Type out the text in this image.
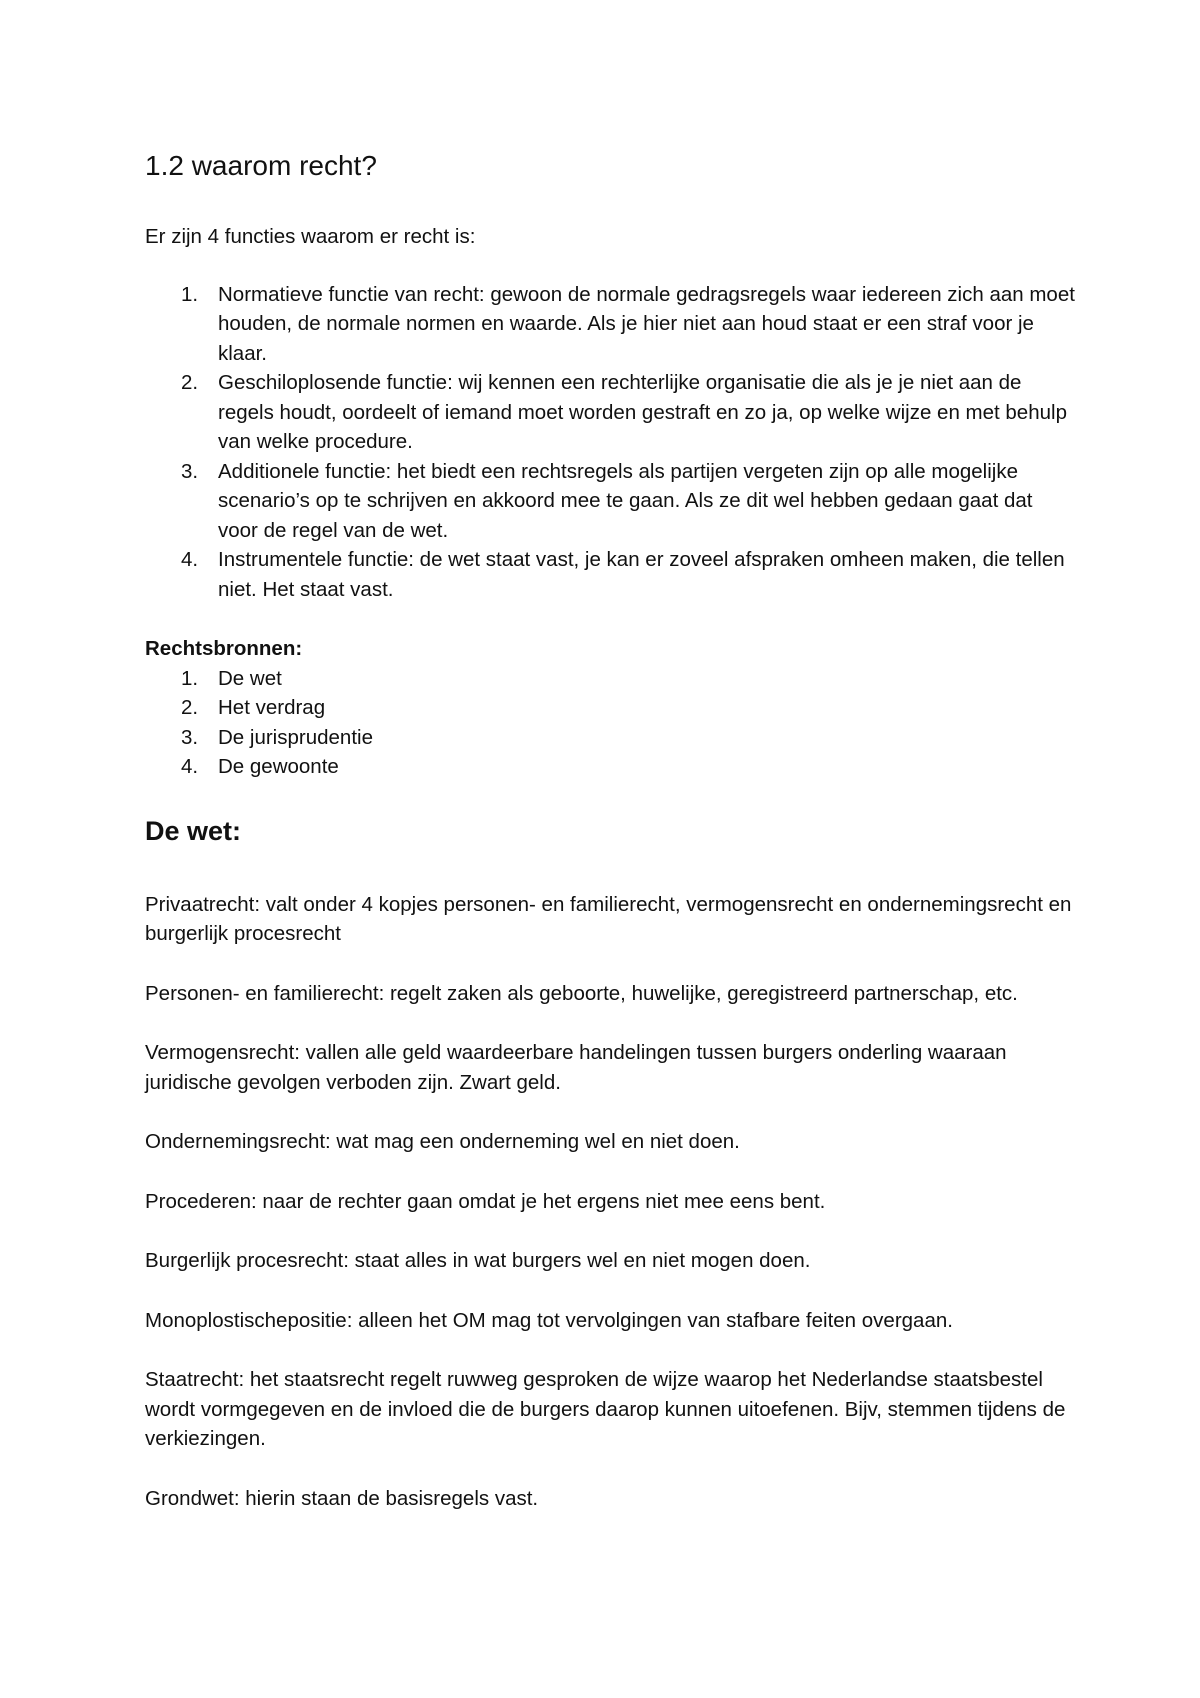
1.2 waarom recht?

Er zijn 4 functies waarom er recht is:

1. Normatieve functie van recht: gewoon de normale gedragsregels waar iedereen zich aan moet houden, de normale normen en waarde. Als je hier niet aan houd staat er een straf voor je klaar.
2. Geschiloplosende functie: wij kennen een rechterlijke organisatie die als je je niet aan de regels houdt, oordeelt of iemand moet worden gestraft en zo ja, op welke wijze en met behulp van welke procedure.
3. Additionele functie: het biedt een rechtsregels als partijen vergeten zijn op alle mogelijke scenario’s op te schrijven en akkoord mee te gaan. Als ze dit wel hebben gedaan gaat dat voor de regel van de wet.
4. Instrumentele functie: de wet staat vast, je kan er zoveel afspraken omheen maken, die tellen niet. Het staat vast.

Rechtsbronnen:

1. De wet
2. Het verdrag
3. De jurisprudentie
4. De gewoonte
De wet:

Privaatrecht: valt onder 4 kopjes personen- en familierecht, vermogensrecht en ondernemingsrecht en burgerlijk procesrecht

Personen- en familierecht: regelt zaken als geboorte, huwelijke, geregistreerd partnerschap, etc.

Vermogensrecht: vallen alle geld waardeerbare handelingen tussen burgers onderling waaraan juridische gevolgen verboden zijn. Zwart geld.

Ondernemingsrecht: wat mag een onderneming wel en niet doen.

Procederen: naar de rechter gaan omdat je het ergens niet mee eens bent.

Burgerlijk procesrecht: staat alles in wat burgers wel en niet mogen doen.

Monoplostischepositie: alleen het OM mag tot vervolgingen van stafbare feiten overgaan.

Staatrecht: het staatsrecht regelt ruwweg gesproken de wijze waarop het Nederlandse staatsbestel wordt vormgegeven en de invloed die de burgers daarop kunnen uitoefenen. Bijv, stemmen tijdens de verkiezingen.

Grondwet: hierin staan de basisregels vast.
